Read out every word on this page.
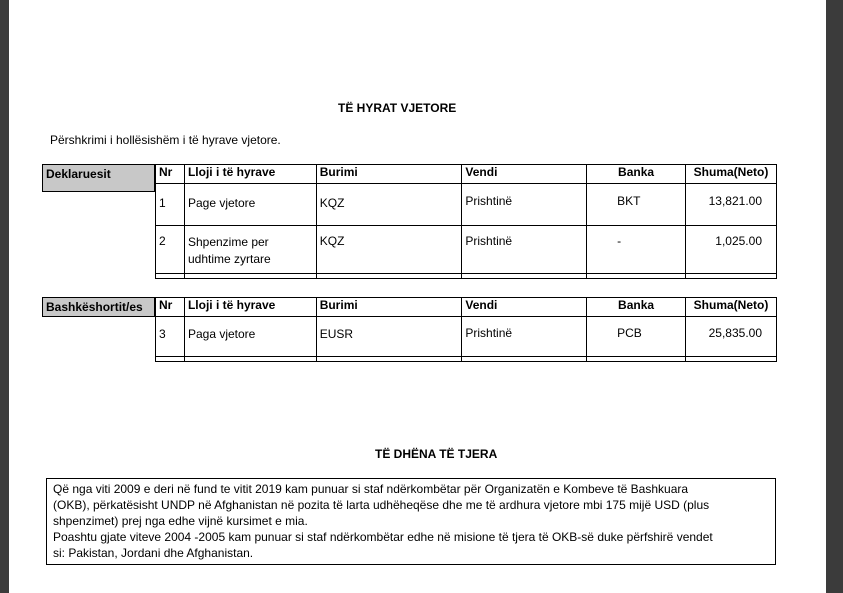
TË HYRAT VJETORE
Përshkrimi i hollësishëm i të hyrave vjetore.
Deklaruesit	Nr	Lloji i të hyrave	Burimi	Vendi	Banka	Shuma(Neto)
1	Page vjetore	KQZ	Prishtinë	BKT	13,821.00
2	Shpenzime per udhtime zyrtare	KQZ	Prishtinë	-	1,025.00

Bashkëshortit/es	Nr	Lloji i të hyrave	Burimi	Vendi	Banka	Shuma(Neto)
3	Paga vjetore	EUSR	Prishtinë	PCB	25,835.00

TË DHËNA TË TJERA
Që nga viti 2009 e deri në fund te vitit 2019 kam punuar si staf ndërkombëtar për Organizatën e Kombeve të Bashkuara
(OKB), përkatësisht UNDP në Afghanistan në pozita të larta udhëheqëse dhe me të ardhura vjetore mbi 175 mijë USD (plus
shpenzimet) prej nga edhe vijnë kursimet e mia.
Poashtu gjate viteve 2004 -2005 kam punuar si staf ndërkombëtar edhe në misione të tjera të OKB-së duke përfshirë vendet
si: Pakistan, Jordani dhe Afghanistan.
